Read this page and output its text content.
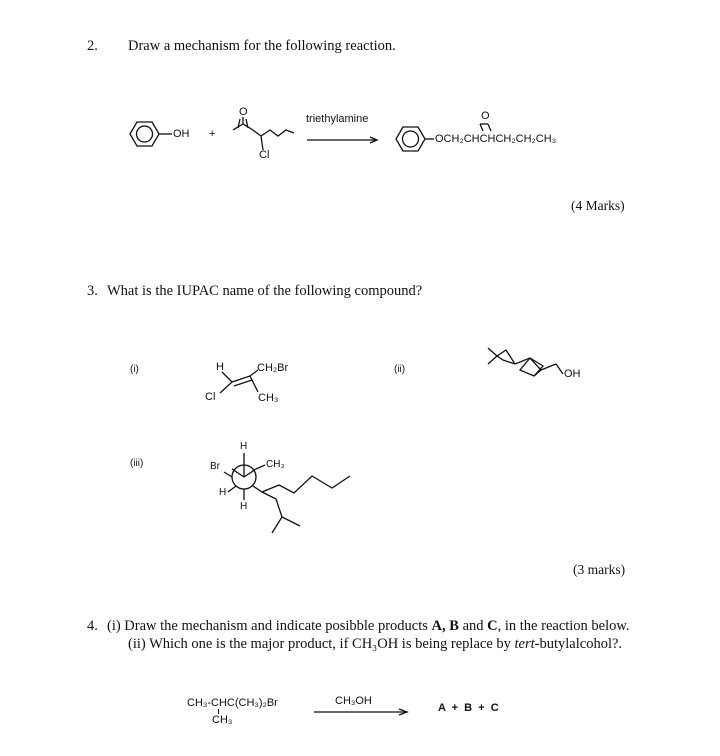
2. Draw a mechanism for the following reaction.
OH +
O
Cl
triethylamine	O
OCH₂CHCHCH₂CH₂CH₃
(4 Marks)
3. What is the IUPAC name of the following compound?
(i)	H	CH₂Br
Cl	CH₃
(ii)	OH
(iii)
H
Br	CH₃
H
H
(3 marks)
4. (i) Draw the mechanism and indicate posibble products A, B and C, in the reaction below.
(ii) Which one is the major product, if CH₃OH is being replace by tert-butylalcohol?.
CH₃-CHC(CH₃)₂Br
CH₃
CH₃OH
A  +  B  +  C
